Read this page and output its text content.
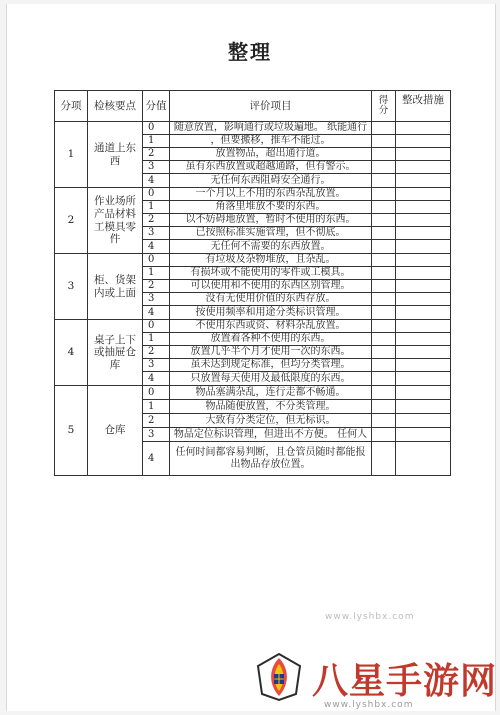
整理
分项	检核要点	分值	评价项目	得分	整改措施
1	通道上东西	0	随意放置，影响通行或垃圾遍地。 纸能通行		
		1	，但要搬移，推车不能过。		
		2	放置物品，超出通行道。		
		3	虽有东西放置或超越通路，但有警示。		
		4	无任何东西阻碍安全通行。		
2	作业场所产品材料工模具零件	0	一个月以上不用的东西杂乱放置。		
		1	角落里堆放不要的东西。		
		2	以不妨碍地放置，暂时不使用的东西。		
		3	已按照标准实施管理，但不彻底。		
		4	无任何不需要的东西放置。		
3	柜、货架内或上面	0	有垃圾及杂物堆放，且杂乱。		
		1	有损坏或不能使用的零件或工模具。		
		2	可以使用和不使用的东西区别管理。		
		3	没有无使用价值的东西存放。		
		4	按使用频率和用途分类标识管理。		
4	桌子上下或抽屉仓库	0	不使用东西或资、材料杂乱放置。		
		1	放置着各种不使用的东西。		
		2	放置几乎半个月才使用一次的东西。		
		3	虽未达到规定标准，但均分类管理。		
		4	只放置每天使用及最低限度的东西。		
5	仓库	0	物品塞满杂乱，连行走都不畅通。		
		1	物品随便放置，不分类管理。		
		2	大致有分类定位，但无标识。		
		3	物品定位标识管理，但进出不方便。 任何人		
		4	任何时间都容易判断，且仓管员随时都能报出物品存放位置。		
www.lyshbx.com
八星手游网
www.lyshbx.com
